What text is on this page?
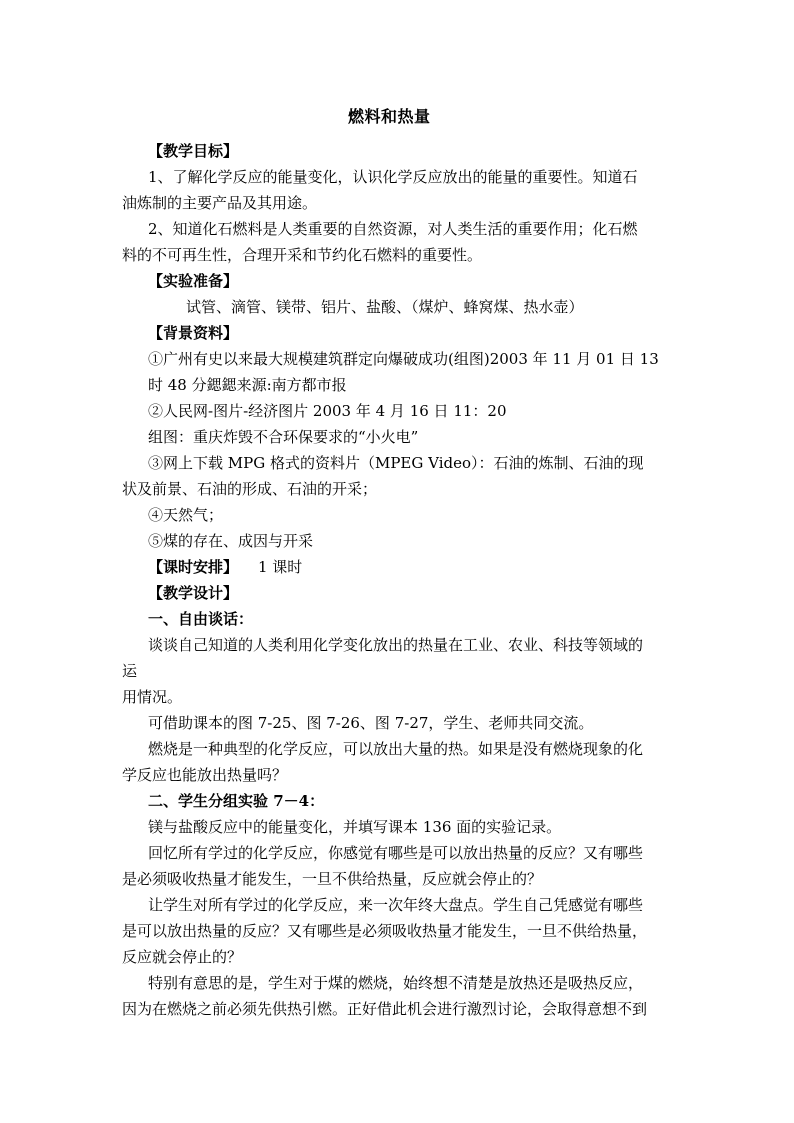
燃料和热量
【教学目标】
1、了解化学反应的能量变化，认识化学反应放出的能量的重要性。知道石
油炼制的主要产品及其用途。
2、知道化石燃料是人类重要的自然资源，对人类生活的重要作用；化石燃
料的不可再生性，合理开采和节约化石燃料的重要性。
【实验准备】
试管、滴管、镁带、铝片、盐酸、（煤炉、蜂窝煤、热水壶）
【背景资料】
①广州有史以来最大规模建筑群定向爆破成功(组图)2003 年 11 月 01 日 13
时 48 分鍶鍶来源:南方都市报
②人民网-图片-经济图片 2003 年 4 月 16 日 11：20
组图：重庆炸毁不合环保要求的“小火电”
③网上下载 MPG 格式的资料片（MPEG Video）：石油的炼制、石油的现
状及前景、石油的形成、石油的开采；
④天然气；
⑤煤的存在、成因与开采
【课时安排】 1 课时
【教学设计】
一、自由谈话：
谈谈自己知道的人类利用化学变化放出的热量在工业、农业、科技等领域的
运
用情况。
可借助课本的图 7-25、图 7-26、图 7-27，学生、老师共同交流。
燃烧是一种典型的化学反应，可以放出大量的热。如果是没有燃烧现象的化
学反应也能放出热量吗？
二、学生分组实验 7－4：
镁与盐酸反应中的能量变化，并填写课本 136 面的实验记录。
回忆所有学过的化学反应，你感觉有哪些是可以放出热量的反应？又有哪些
是必须吸收热量才能发生，一旦不供给热量，反应就会停止的？
让学生对所有学过的化学反应，来一次年终大盘点。学生自己凭感觉有哪些
是可以放出热量的反应？又有哪些是必须吸收热量才能发生，一旦不供给热量，
反应就会停止的？
特别有意思的是，学生对于煤的燃烧，始终想不清楚是放热还是吸热反应，
因为在燃烧之前必须先供热引燃。正好借此机会进行激烈讨论，会取得意想不到
